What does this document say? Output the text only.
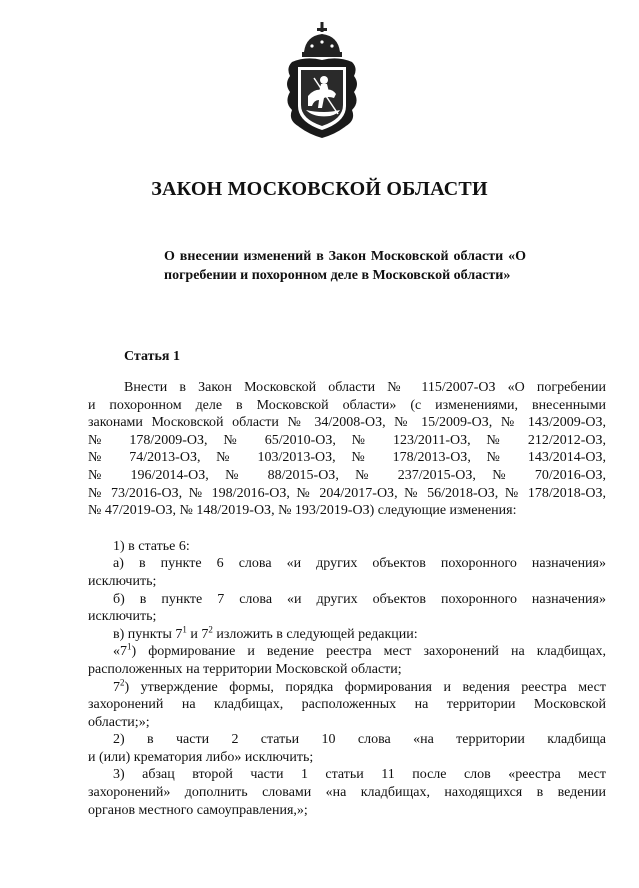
ЗАКОН МОСКОВСКОЙ ОБЛАСТИ
О внесении изменений в Закон Московской области «О погребении и похоронном деле в Московской области»
Статья 1

Внести в Закон Московской области № 115/2007-ОЗ «О погребении

и похоронном деле в Московской области» (с изменениями, внесенными

законами Московской области № 34/2008-ОЗ, № 15/2009-ОЗ, № 143/2009-ОЗ,

№ 178/2009-ОЗ, № 65/2010-ОЗ, № 123/2011-ОЗ, № 212/2012-ОЗ,

№ 74/2013-ОЗ, № 103/2013-ОЗ, № 178/2013-ОЗ, № 143/2014-ОЗ,

№ 196/2014-ОЗ, № 88/2015-ОЗ, № 237/2015-ОЗ, № 70/2016-ОЗ,

№ 73/2016-ОЗ, № 198/2016-ОЗ, № 204/2017-ОЗ, № 56/2018-ОЗ, № 178/2018-ОЗ,

№ 47/2019-ОЗ, № 148/2019-ОЗ, № 193/2019-ОЗ) следующие изменения:

1) в статье 6:

а) в пункте 6 слова «и других объектов похоронного назначения»

исключить;

б) в пункте 7 слова «и других объектов похоронного назначения»

исключить;

в) пункты $7^1$ и $7^2$ изложить в следующей редакции:

«$7^1$) формирование и ведение реестра мест захоронений на кладбищах,

расположенных на территории Московской области;

$7^2$) утверждение формы, порядка формирования и ведения реестра мест

захоронений на кладбищах, расположенных на территории Московской

области;»;

2) в части 2 статьи 10 слова «на территории кладбища

и (или) крематория либо» исключить;

3) абзац второй части 1 статьи 11 после слов «реестра мест

захоронений» дополнить словами «на кладбищах, находящихся в ведении

органов местного самоуправления,»;
